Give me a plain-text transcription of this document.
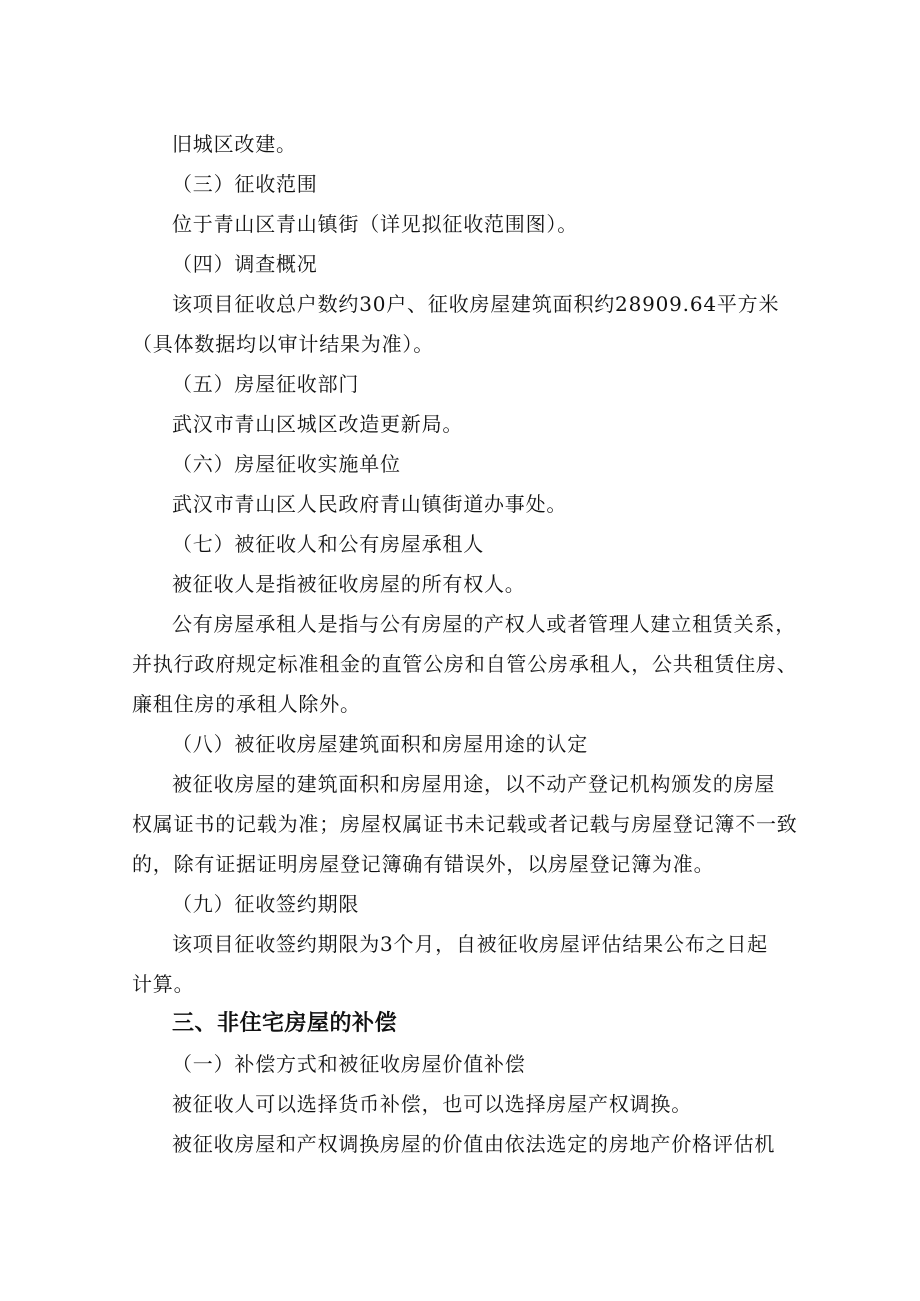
旧城区改建。
（三）征收范围
位于青山区青山镇街（详见拟征收范围图）。
（四）调查概况
该项目征收总户数约30户、征收房屋建筑面积约28909.64平方米
（具体数据均以审计结果为准）。
（五）房屋征收部门
武汉市青山区城区改造更新局。
（六）房屋征收实施单位
武汉市青山区人民政府青山镇街道办事处。
（七）被征收人和公有房屋承租人
被征收人是指被征收房屋的所有权人。
公有房屋承租人是指与公有房屋的产权人或者管理人建立租赁关系，
并执行政府规定标准租金的直管公房和自管公房承租人，公共租赁住房、
廉租住房的承租人除外。
（八）被征收房屋建筑面积和房屋用途的认定
被征收房屋的建筑面积和房屋用途，以不动产登记机构颁发的房屋
权属证书的记载为准；房屋权属证书未记载或者记载与房屋登记簿不一致
的，除有证据证明房屋登记簿确有错误外，以房屋登记簿为准。
（九）征收签约期限
该项目征收签约期限为3个月，自被征收房屋评估结果公布之日起
计算。
三、非住宅房屋的补偿
（一）补偿方式和被征收房屋价值补偿
被征收人可以选择货币补偿，也可以选择房屋产权调换。
被征收房屋和产权调换房屋的价值由依法选定的房地产价格评估机
